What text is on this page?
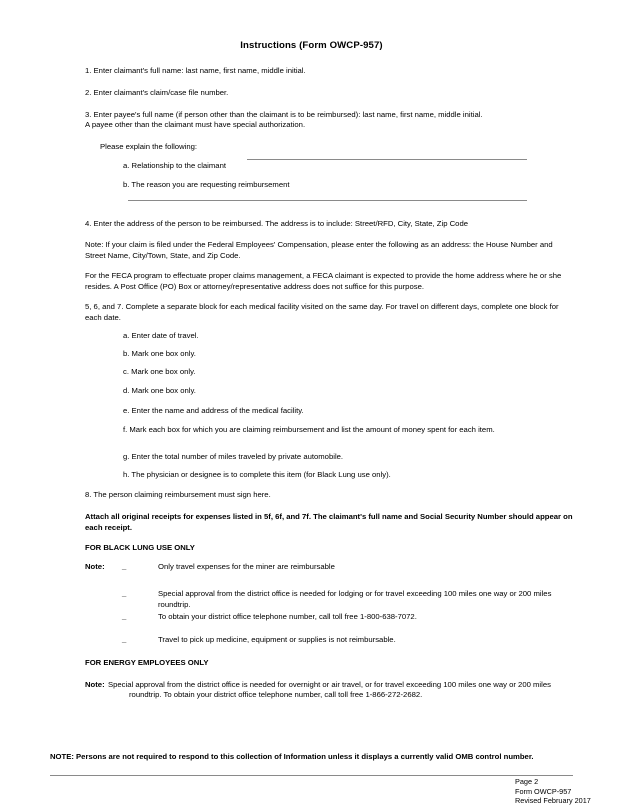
Instructions (Form OWCP-957)
1. Enter claimant's full name: last name, first name, middle initial.
2. Enter claimant's claim/case file number.
3. Enter payee's full name (if person other than the claimant is to be reimbursed): last name, first name, middle initial.
A payee other than the claimant must have special authorization.
Please explain the following:
a. Relationship to the claimant
b. The reason you are requesting reimbursement
4. Enter the address of the person to be reimbursed. The address is to include: Street/RFD, City, State, Zip Code
Note: If your claim is filed under the Federal Employees' Compensation, please enter the following as an address: the House Number and Street Name, City/Town, State, and Zip Code.
For the FECA program to effectuate proper claims management, a FECA claimant is expected to provide the home address where he or she resides. A Post Office (PO) Box or attorney/representative address does not suffice for this purpose.
5, 6, and 7. Complete a separate block for each medical facility visited on the same day. For travel on different days, complete one block for each date.
a. Enter date of travel.
b. Mark one box only.
c. Mark one box only.
d. Mark one box only.
e. Enter the name and address of the medical facility.
f. Mark each box for which you are claiming reimbursement and list the amount of money spent for each item.
g. Enter the total number of miles traveled by private automobile.
h. The physician or designee is to complete this item (for Black Lung use only).
8. The person claiming reimbursement must sign here.
Attach all original receipts for expenses listed in 5f, 6f, and 7f. The claimant's full name and Social Security Number should appear on each receipt.
FOR BLACK LUNG USE ONLY
Note: _	Only travel expenses for the miner are reimbursable
_	Special approval from the district office is needed for lodging or for travel exceeding 100 miles one way or 200 miles roundtrip.
_	To obtain your district office telephone number, call toll free 1-800-638-7072.
_	Travel to pick up medicine, equipment or supplies is not reimbursable.
FOR ENERGY EMPLOYEES ONLY
Note: Special approval from the district office is needed for overnight or air travel, or for travel exceeding 100 miles one way or 200 miles
roundtrip. To obtain your district office telephone number, call toll free 1-866-272-2682.
NOTE: Persons are not required to respond to this collection of Information unless it displays a currently valid OMB control number.
Page 2
Form OWCP-957
Revised February 2017
